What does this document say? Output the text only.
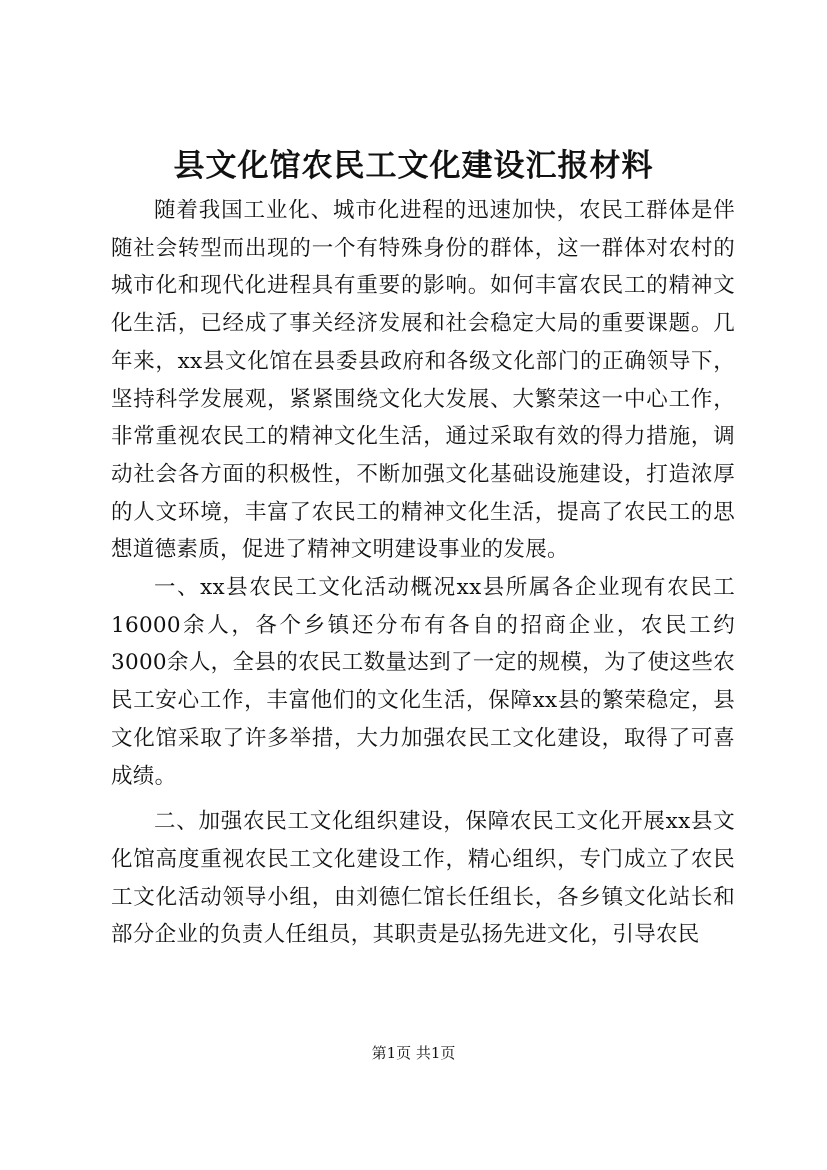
县文化馆农民工文化建设汇报材料

随着我国工业化、城市化进程的迅速加快，农民工群体是伴随社会转型而出现的一个有特殊身份的群体，这一群体对农村的城市化和现代化进程具有重要的影响。如何丰富农民工的精神文化生活，已经成了事关经济发展和社会稳定大局的重要课题。几年来，xx县文化馆在县委县政府和各级文化部门的正确领导下，坚持科学发展观，紧紧围绕文化大发展、大繁荣这一中心工作，非常重视农民工的精神文化生活，通过采取有效的得力措施，调动社会各方面的积极性，不断加强文化基础设施建设，打造浓厚的人文环境，丰富了农民工的精神文化生活，提高了农民工的思想道德素质，促进了精神文明建设事业的发展。

一、xx县农民工文化活动概况xx县所属各企业现有农民工16000余人，各个乡镇还分布有各自的招商企业，农民工约3000余人，全县的农民工数量达到了一定的规模，为了使这些农民工安心工作，丰富他们的文化生活，保障xx县的繁荣稳定，县文化馆采取了许多举措，大力加强农民工文化建设，取得了可喜成绩。

二、加强农民工文化组织建设，保障农民工文化开展xx县文化馆高度重视农民工文化建设工作，精心组织，专门成立了农民工文化活动领导小组，由刘德仁馆长任组长，各乡镇文化站长和部分企业的负责人任组员，其职责是弘扬先进文化，引导农民

第1页 共1页
